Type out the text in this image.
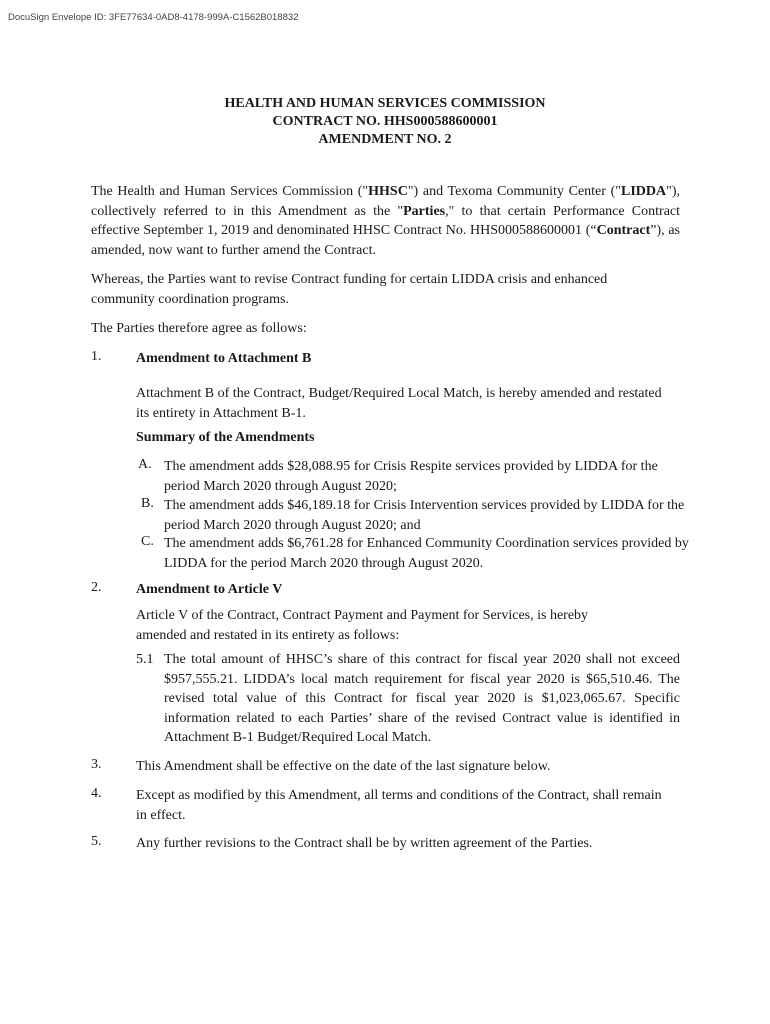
DocuSign Envelope ID: 3FE77634-0AD8-4178-999A-C1562B018832
HEALTH AND HUMAN SERVICES COMMISSION
CONTRACT NO. HHS000588600001
AMENDMENT NO. 2
The Health and Human Services Commission ("HHSC") and Texoma Community Center ("LIDDA"), collectively referred to in this Amendment as the "Parties," to that certain Performance Contract effective September 1, 2019 and denominated HHSC Contract No. HHS000588600001 (“Contract”), as amended, now want to further amend the Contract.
Whereas, the Parties want to revise Contract funding for certain LIDDA crisis and enhanced community coordination programs.
The Parties therefore agree as follows:
1. Amendment to Attachment B
Attachment B of the Contract, Budget/Required Local Match, is hereby amended and restated its entirety in Attachment B-1.
Summary of the Amendments
A. The amendment adds $28,088.95 for Crisis Respite services provided by LIDDA for the period March 2020 through August 2020;
B. The amendment adds $46,189.18 for Crisis Intervention services provided by LIDDA for the period March 2020 through August 2020; and
C. The amendment adds $6,761.28 for Enhanced Community Coordination services provided by LIDDA for the period March 2020 through August 2020.
2. Amendment to Article V
Article V of the Contract, Contract Payment and Payment for Services, is hereby amended and restated in its entirety as follows:
5.1 The total amount of HHSC’s share of this contract for fiscal year 2020 shall not exceed $957,555.21. LIDDA’s local match requirement for fiscal year 2020 is $65,510.46. The revised total value of this Contract for fiscal year 2020 is $1,023,065.67. Specific information related to each Parties’ share of the revised Contract value is identified in Attachment B-1 Budget/Required Local Match.
3. This Amendment shall be effective on the date of the last signature below.
4. Except as modified by this Amendment, all terms and conditions of the Contract, shall remain in effect.
5. Any further revisions to the Contract shall be by written agreement of the Parties.
